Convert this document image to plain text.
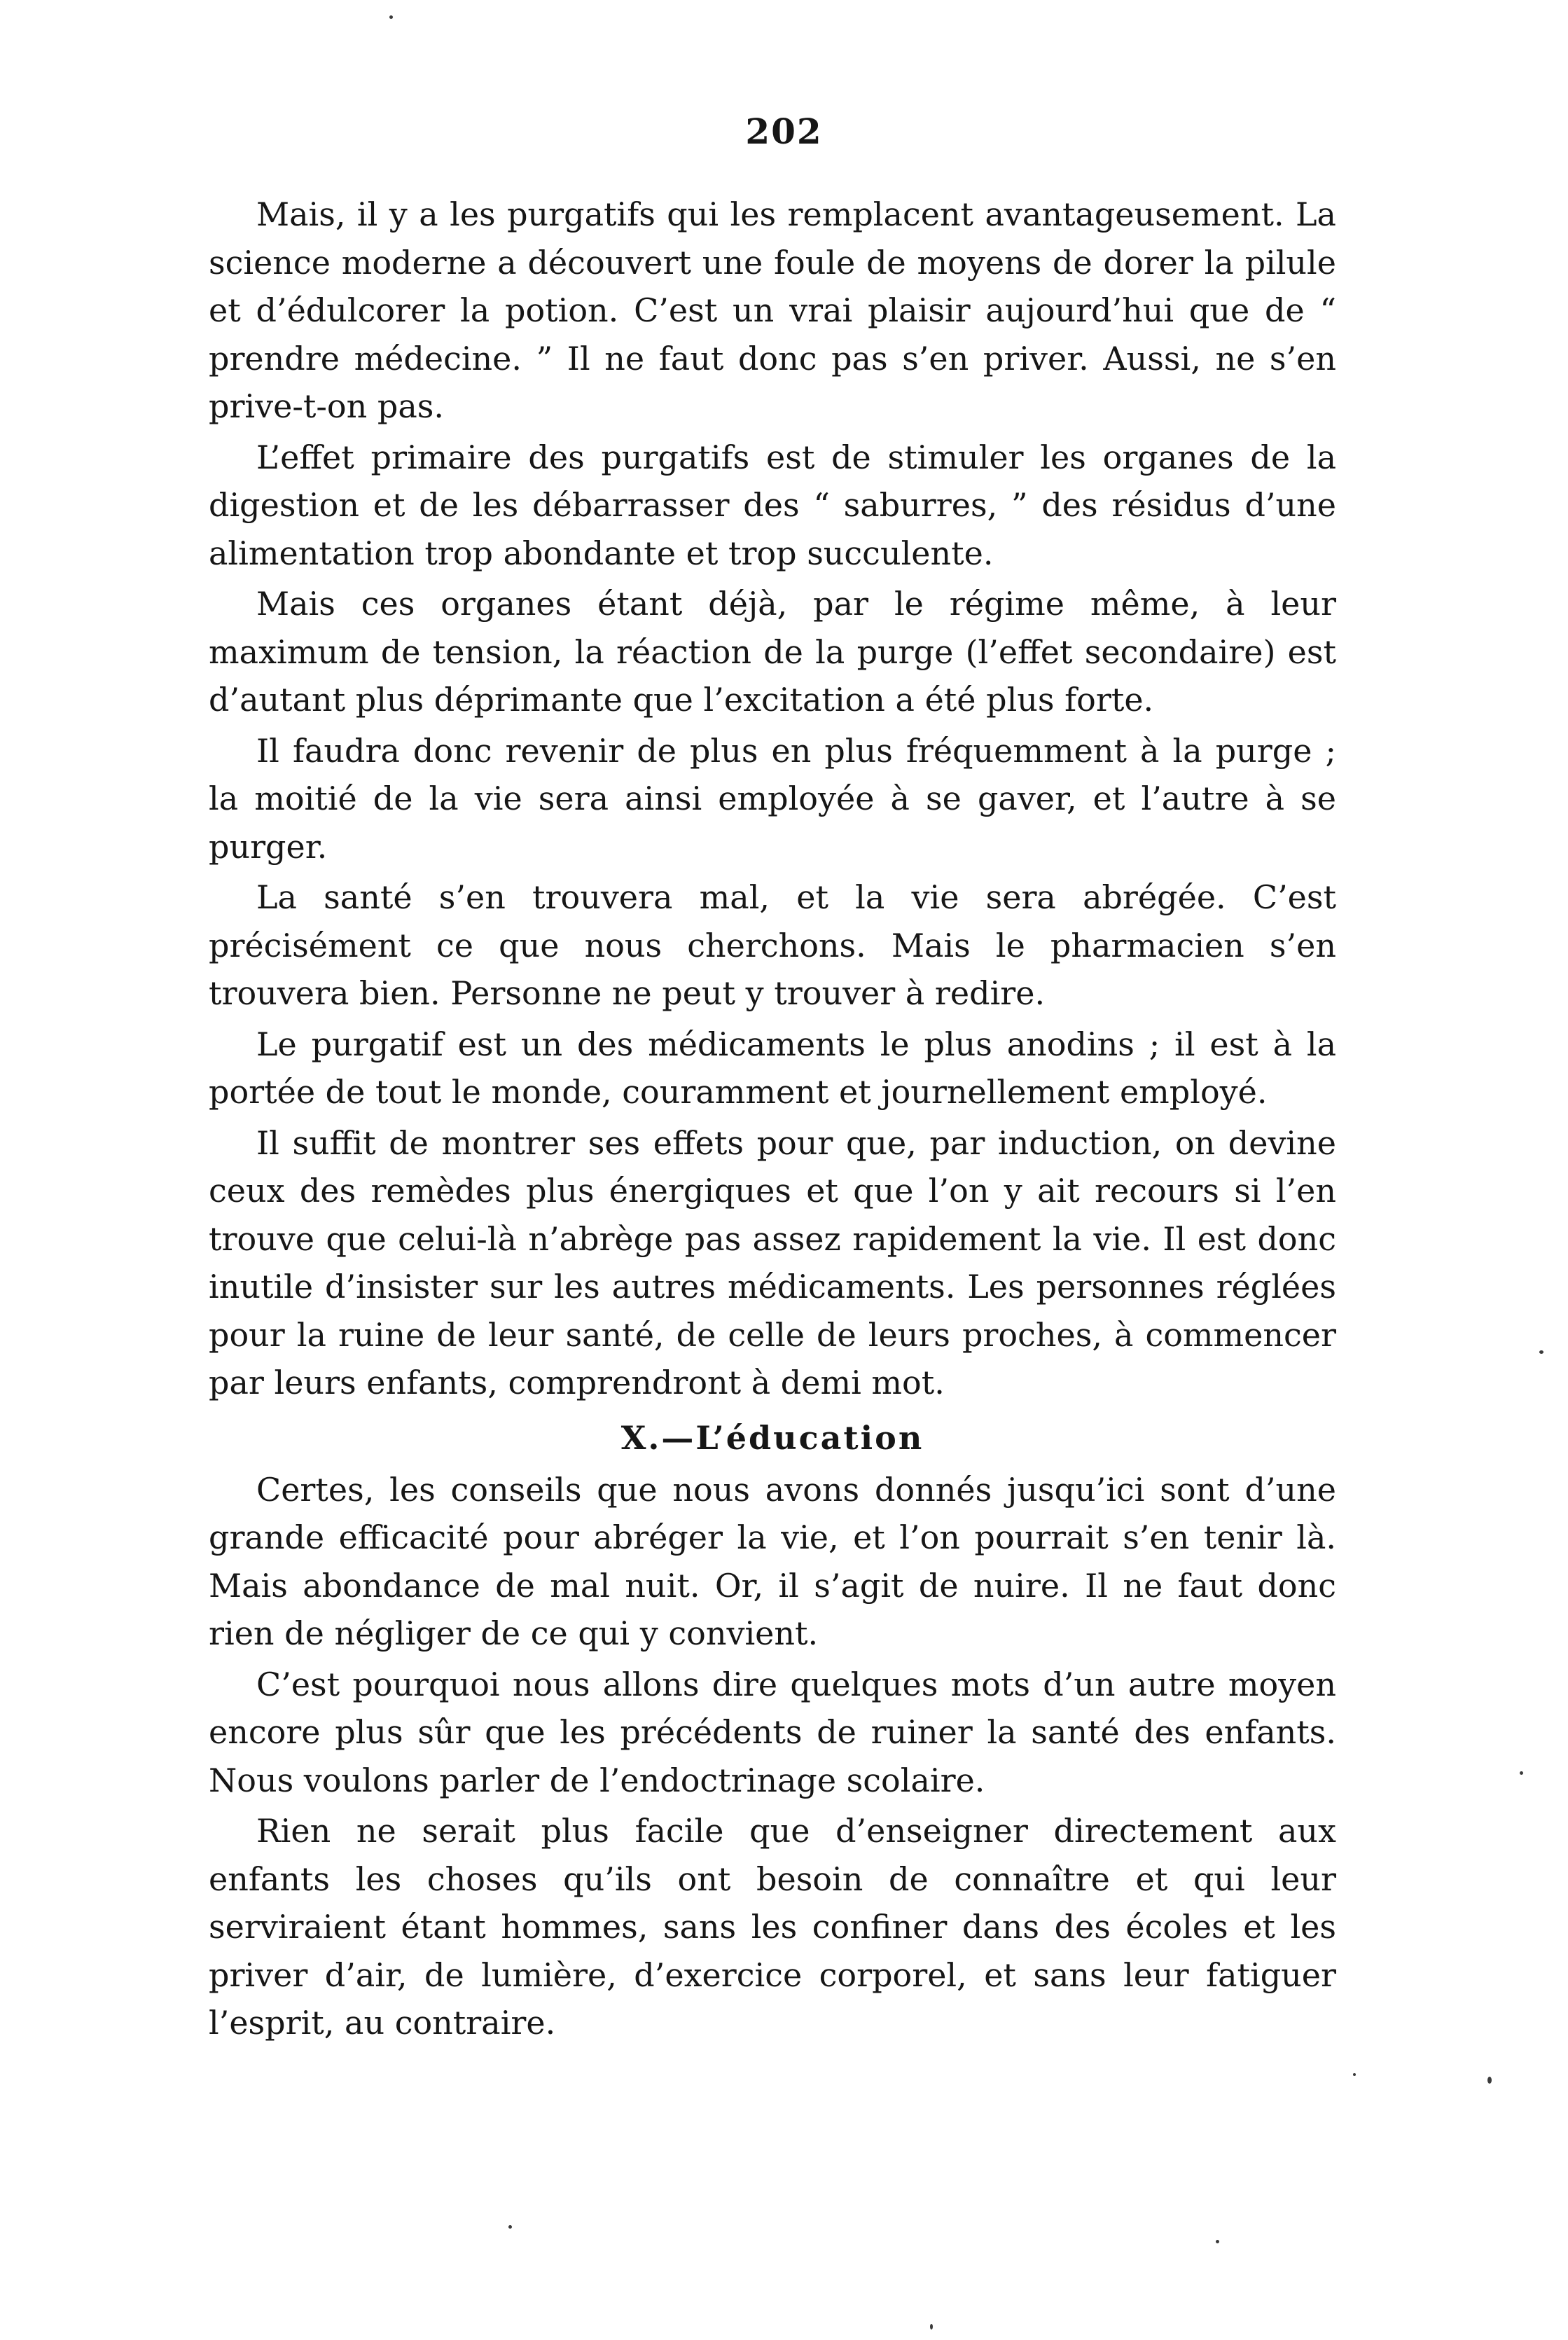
202

Mais, il y a les purgatifs qui les remplacent avantageusement. La science moderne a découvert une foule de moyens de dorer la pilule et d’édulcorer la potion. C’est un vrai plaisir aujourd’hui que de “ prendre médecine. ” Il ne faut donc pas s’en priver. Aussi, ne s’en prive-t-on pas.

L’effet primaire des purgatifs est de stimuler les organes de la digestion et de les débarrasser des “ saburres, ” des résidus d’une alimentation trop abondante et trop succulente.

Mais ces organes étant déjà, par le régime même, à leur maximum de tension, la réaction de la purge (l’effet secondaire) est d’autant plus déprimante que l’excitation a été plus forte.

Il faudra donc revenir de plus en plus fréquemment à la purge ; la moitié de la vie sera ainsi employée à se gaver, et l’autre à se purger.

La santé s’en trouvera mal, et la vie sera abrégée. C’est précisément ce que nous cherchons. Mais le pharmacien s’en trouvera bien. Personne ne peut y trouver à redire.

Le purgatif est un des médicaments le plus anodins ; il est à la portée de tout le monde, couramment et journellement employé.

Il suffit de montrer ses effets pour que, par induction, on devine ceux des remèdes plus énergiques et que l’on y ait recours si l’en trouve que celui-là n’abrège pas assez rapidement la vie. Il est donc inutile d’insister sur les autres médicaments. Les personnes réglées pour la ruine de leur santé, de celle de leurs proches, à commencer par leurs enfants, comprendront à demi mot.

X.—L’éducation

Certes, les conseils que nous avons donnés jusqu’ici sont d’une grande efficacité pour abréger la vie, et l’on pourrait s’en tenir là. Mais abondance de mal nuit. Or, il s’agit de nuire. Il ne faut donc rien de négliger de ce qui y convient.

C’est pourquoi nous allons dire quelques mots d’un autre moyen encore plus sûr que les précédents de ruiner la santé des enfants. Nous voulons parler de l’endoctrinage scolaire.

Rien ne serait plus facile que d’enseigner directement aux enfants les choses qu’ils ont besoin de connaître et qui leur serviraient étant hommes, sans les confiner dans des écoles et les priver d’air, de lumière, d’exercice corporel, et sans leur fatiguer l’esprit, au contraire.
